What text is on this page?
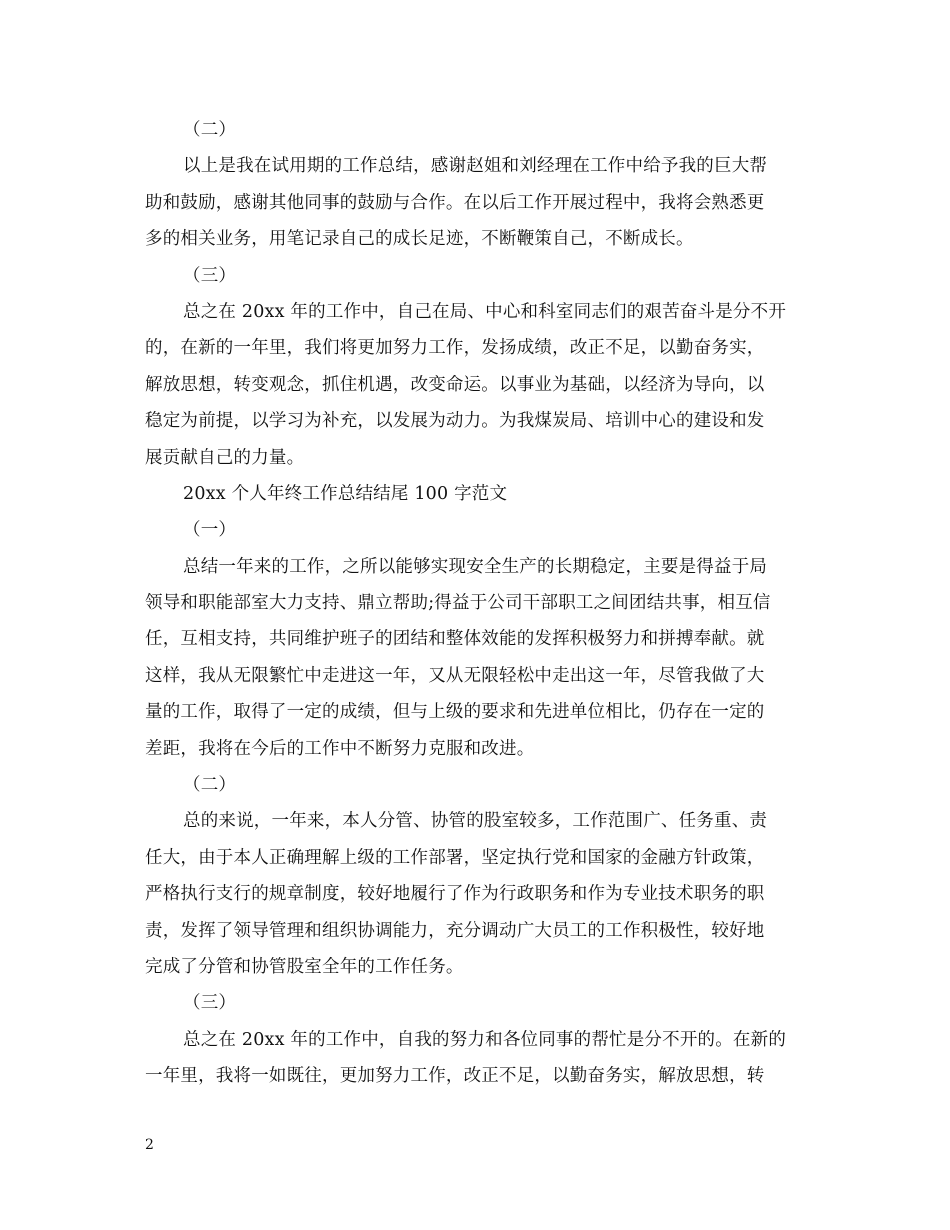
（二）
以上是我在试用期的工作总结，感谢赵姐和刘经理在工作中给予我的巨大帮
助和鼓励，感谢其他同事的鼓励与合作。在以后工作开展过程中，我将会熟悉更
多的相关业务，用笔记录自己的成长足迹，不断鞭策自己，不断成长。
（三）
总之在 20xx 年的工作中，自己在局、中心和科室同志们的艰苦奋斗是分不开
的，在新的一年里，我们将更加努力工作，发扬成绩，改正不足，以勤奋务实，
解放思想，转变观念，抓住机遇，改变命运。以事业为基础，以经济为导向，以
稳定为前提，以学习为补充，以发展为动力。为我煤炭局、培训中心的建设和发
展贡献自己的力量。
20xx 个人年终工作总结结尾 100 字范文
（一）
总结一年来的工作，之所以能够实现安全生产的长期稳定，主要是得益于局
领导和职能部室大力支持、鼎立帮助;得益于公司干部职工之间团结共事，相互信
任，互相支持，共同维护班子的团结和整体效能的发挥积极努力和拼搏奉献。就
这样，我从无限繁忙中走进这一年，又从无限轻松中走出这一年，尽管我做了大
量的工作，取得了一定的成绩，但与上级的要求和先进单位相比，仍存在一定的
差距，我将在今后的工作中不断努力克服和改进。
（二）
总的来说，一年来，本人分管、协管的股室较多，工作范围广、任务重、责
任大，由于本人正确理解上级的工作部署，坚定执行党和国家的金融方针政策，
严格执行支行的规章制度，较好地履行了作为行政职务和作为专业技术职务的职
责，发挥了领导管理和组织协调能力，充分调动广大员工的工作积极性，较好地
完成了分管和协管股室全年的工作任务。
（三）
总之在 20xx 年的工作中，自我的努力和各位同事的帮忙是分不开的。在新的
一年里，我将一如既往，更加努力工作，改正不足，以勤奋务实，解放思想，转
2
